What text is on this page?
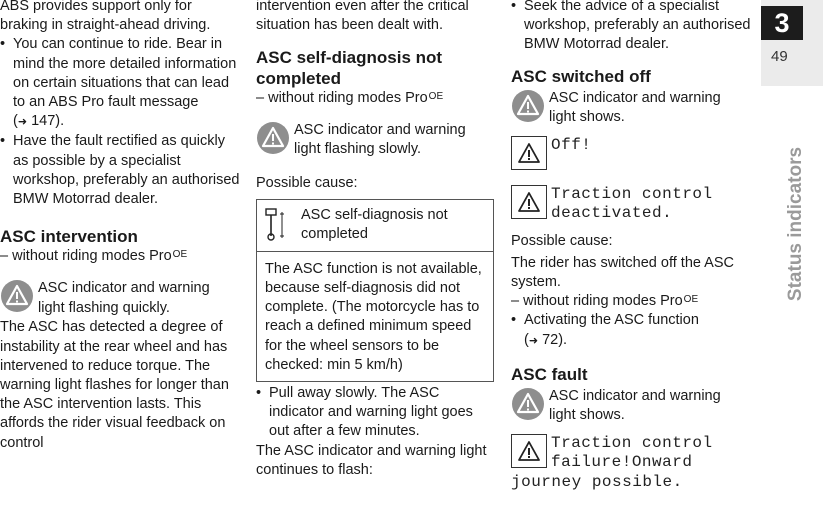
ABS provides support only for braking in straight-ahead driving.

• You can continue to ride. Bear in mind the more detailed information on certain situations that can lead to an ABS Pro fault message (➜ 147).
• Have the fault rectified as quickly as possible by a specialist workshop, preferably an authorised BMW Motorrad dealer.
ASC intervention

– without riding modes Pro$^{OE}$

ASC indicator and warning light flashing quickly.

The ASC has detected a degree of instability at the rear wheel and has intervened to reduce torque. The warning light flashes for longer than the ASC intervention lasts. This affords the rider visual feedback on control

intervention even after the critical situation has been dealt with.

ASC self-diagnosis not completed

– without riding modes Pro$^{OE}$

ASC indicator and warning light flashing slowly.

Possible cause:

ASC self-diagnosis not completed

The ASC function is not available, because self-diagnosis did not complete. (The motorcycle has to reach a defined minimum speed for the wheel sensors to be checked: min 5 km/h)

• Pull away slowly. The ASC indicator and warning light goes out after a few minutes.

The ASC indicator and warning light continues to flash:

• Seek the advice of a specialist workshop, preferably an authorised BMW Motorrad dealer.
ASC switched off

ASC indicator and warning light shows.

Off!
Traction control
deactivated.

Possible cause:

The rider has switched off the ASC system.

– without riding modes Pro$^{OE}$

• Activating the ASC function
(➜ 72).
ASC fault

ASC indicator and warning light shows.

Traction control
failure!Onward
journey possible.
3
49
Status indicators
